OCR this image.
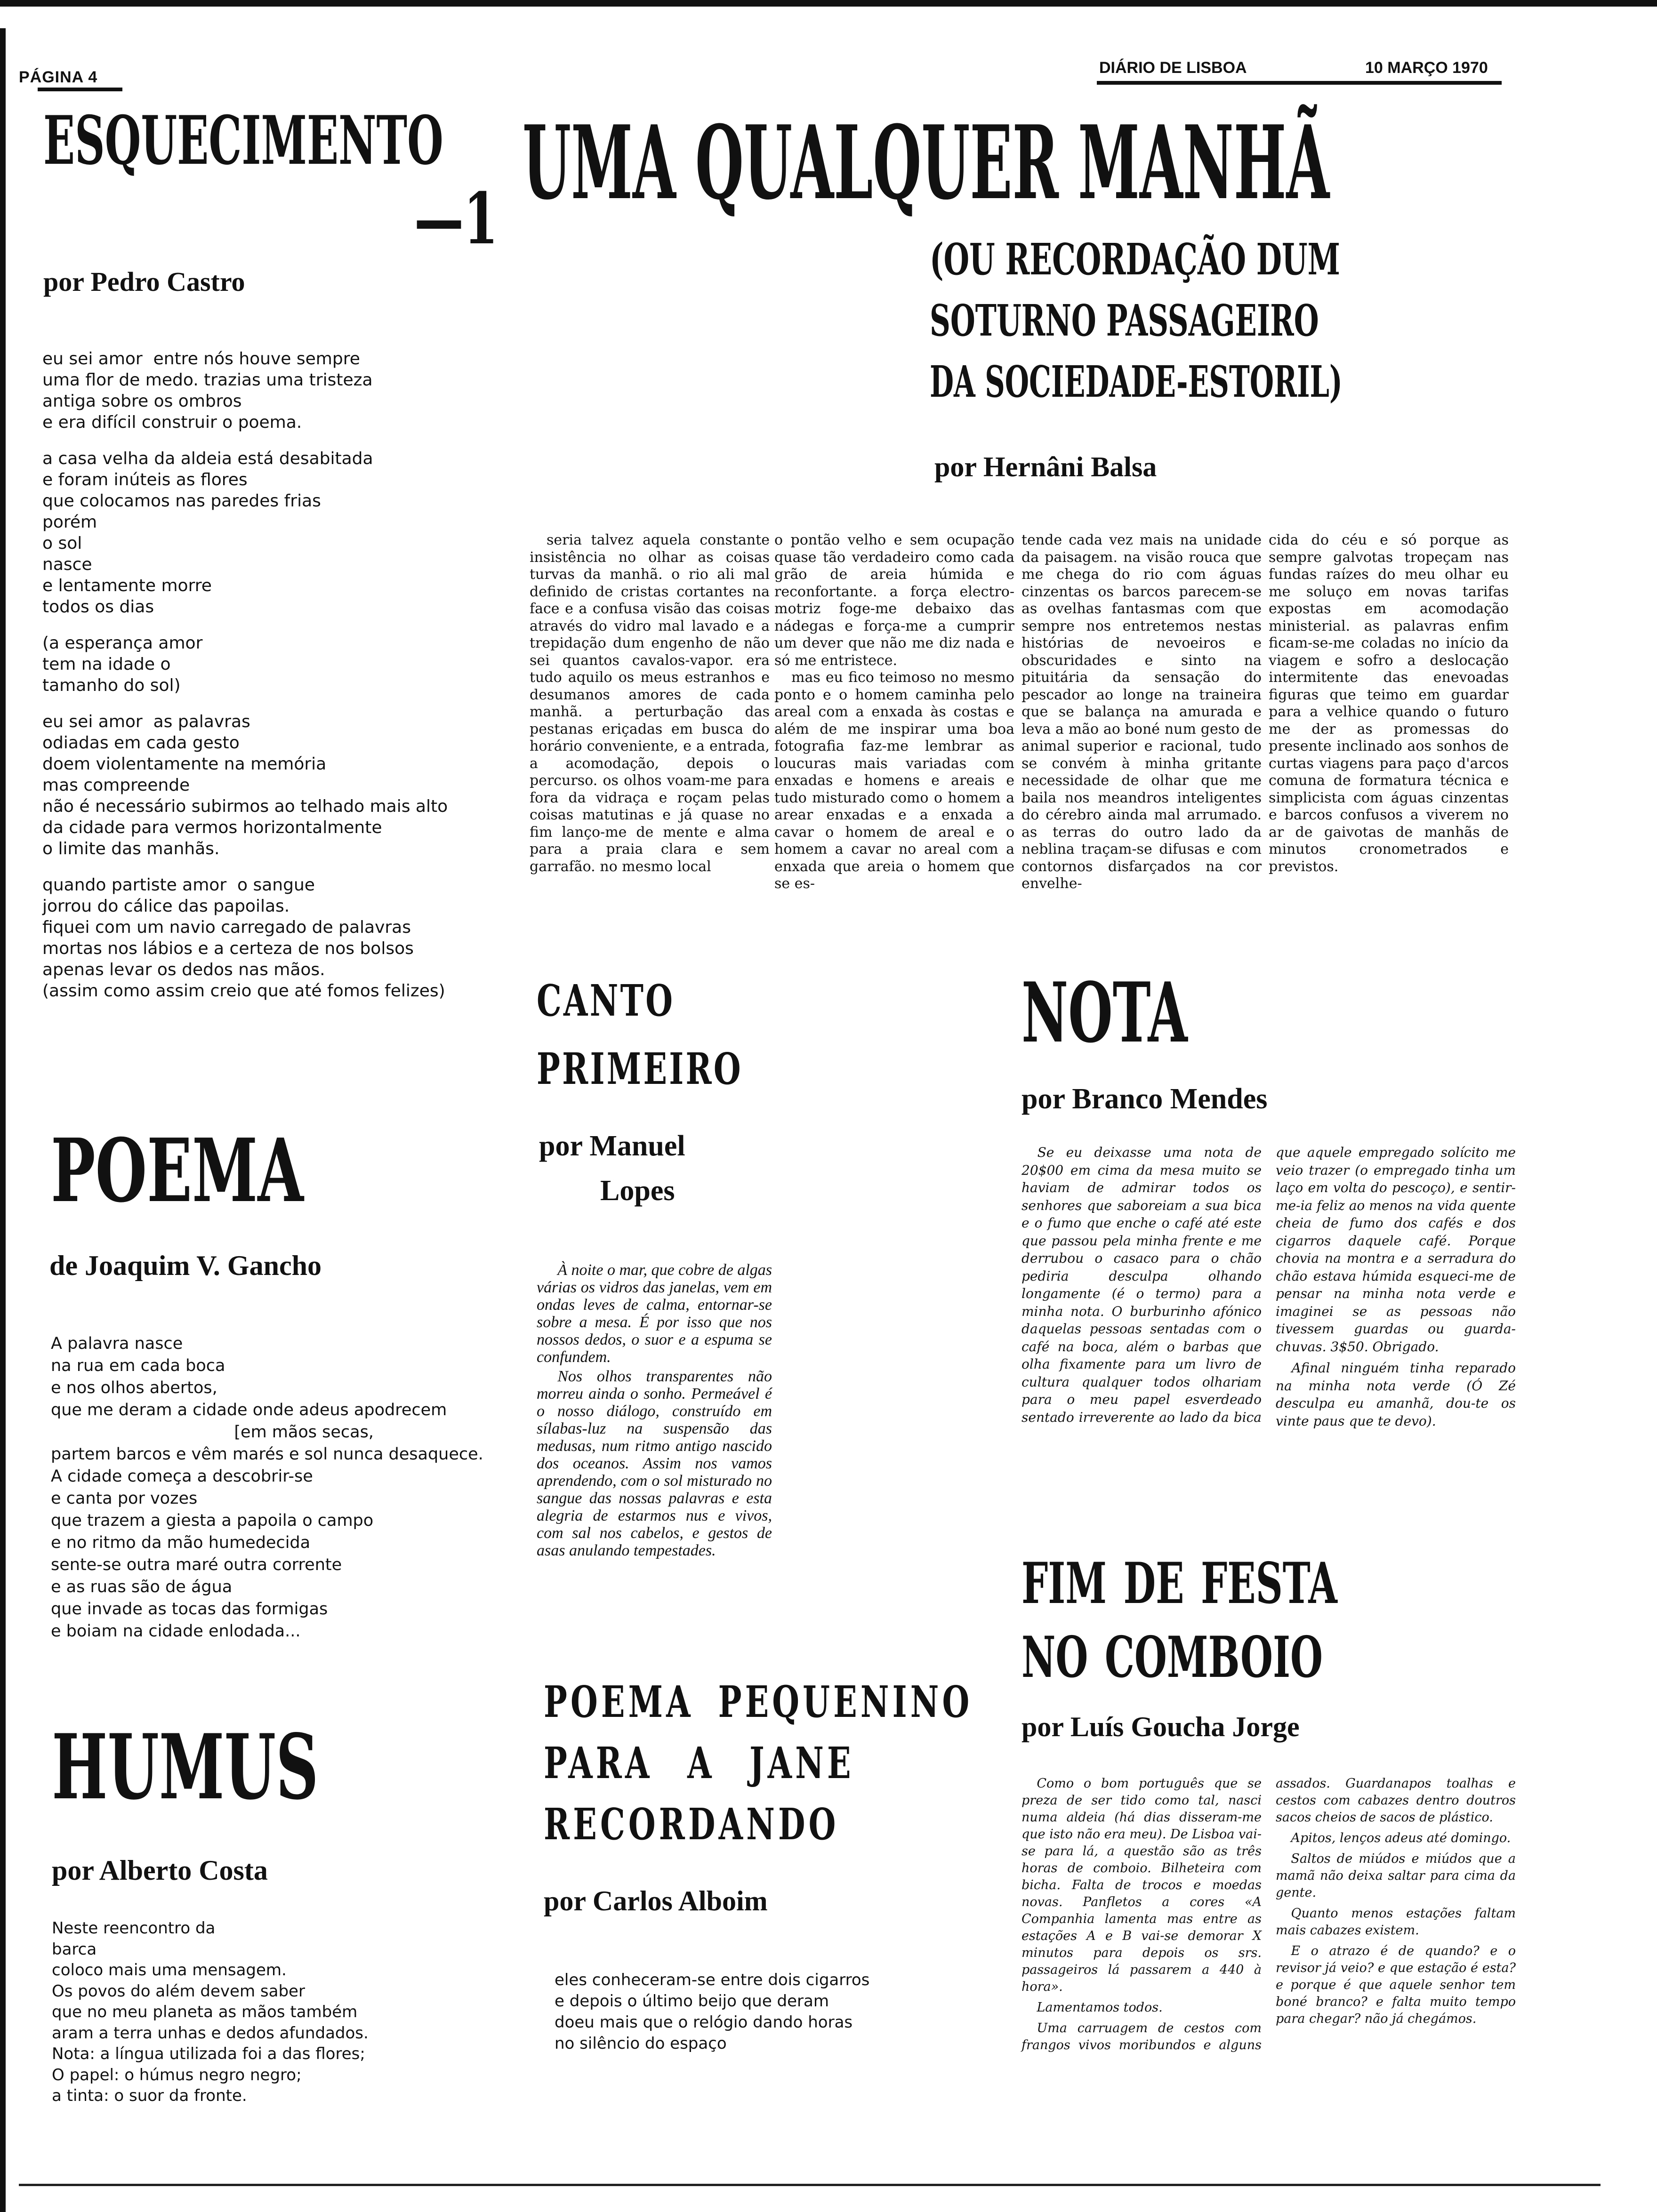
PÁGINA 4
DIÁRIO DE LISBOA	10 MARÇO 1970
ESQUECIMENTO
—1
por Pedro Castro
eu sei amor  entre nós houve sempre
uma flor de medo. trazias uma tristeza
antiga sobre os ombros
e era difícil construir o poema.
a casa velha da aldeia está desabitada
e foram inúteis as flores
que colocamos nas paredes frias
porém
o sol
nasce
e lentamente morre
todos os dias
(a esperança amor
tem na idade o
tamanho do sol)
eu sei amor  as palavras
odiadas em cada gesto
doem violentamente na memória
mas compreende
não é necessário subirmos ao telhado mais alto
da cidade para vermos horizontalmente
o limite das manhãs.
quando partiste amor  o sangue
jorrou do cálice das papoilas.
fiquei com um navio carregado de palavras
mortas nos lábios e a certeza de nos bolsos
apenas levar os dedos nas mãos.
(assim como assim creio que até fomos felizes)
UMA QUALQUER MANHÃ
(OU RECORDAÇÃO DUM
SOTURNO PASSAGEIRO
DA SOCIEDADE-ESTORIL)
por Hernâni Balsa

seria talvez aquela constante insistência no olhar as coisas turvas da manhã. o rio ali mal definido de cristas cortantes na face e a confusa visão das coisas através do vidro mal lavado e a trepidação dum engenho de não sei quantos cavalos-vapor. era tudo aquilo os meus estranhos e desumanos amores de cada manhã. a perturbação das pestanas eriçadas em busca do horário conveniente, e a entrada, a acomodação, depois o percurso. os olhos voam-me para fora da vidraça e roçam pelas coisas matutinas e já quase no fim lanço-me de mente e alma para a praia clara e sem garrafão. no mesmo local

o pontão velho e sem ocupação quase tão verdadeiro como cada grão de areia húmida e reconfortante. a força electro-motriz foge-me debaixo das nádegas e força-me a cumprir um dever que não me diz nada e só me entristece.

mas eu fico teimoso no mesmo ponto e o homem caminha pelo areal com a enxada às costas e além de me inspirar uma boa fotografia faz-me lembrar as loucuras mais variadas com enxadas e homens e areais e tudo misturado como o homem a arear enxadas e a enxada a cavar o homem de areal e o homem a cavar no areal com a enxada que areia o homem que se es-

tende cada vez mais na unidade da paisagem. na visão rouca que me chega do rio com águas cinzentas os barcos parecem-se as ovelhas fantasmas com que sempre nos entretemos nestas histórias de nevoeiros e obscuridades e sinto na pituitária da sensação do pescador ao longe na traineira que se balança na amurada e leva a mão ao boné num gesto de animal superior e racional, tudo se convém à minha gritante necessidade de olhar que me baila nos meandros inteligentes do cérebro ainda mal arrumado. as terras do outro lado da neblina traçam-se difusas e com contornos disfarçados na cor envelhe-

cida do céu e só porque as sempre galvotas tropeçam nas fundas raízes do meu olhar eu me soluço em novas tarifas expostas em acomodação ministerial. as palavras enfim ficam-se-me coladas no início da viagem e sofro a deslocação intermitente das enevoadas figuras que teimo em guardar para a velhice quando o futuro me der as promessas do presente inclinado aos sonhos de curtas viagens para paço d'arcos comuna de formatura técnica e simplicista com águas cinzentas e barcos confusos a viverem no ar de gaivotas de manhãs de minutos cronometrados e previstos.

POEMA
de Joaquim V. Gancho
A palavra nasce
na rua em cada boca
e nos olhos abertos,
que me deram a cidade onde adeus apodrecem
[em mãos secas,
partem barcos e vêm marés e sol nunca desaquece.
A cidade começa a descobrir-se
e canta por vozes
que trazem a giesta a papoila o campo
e no ritmo da mão humedecida
sente-se outra maré outra corrente
e as ruas são de água
que invade as tocas das formigas
e boiam na cidade enlodada...
CANTO
PRIMEIRO
por Manuel
Lopes

À noite o mar, que cobre de algas várias os vidros das janelas, vem em ondas leves de calma, entornar-se sobre a mesa. É por isso que nos nossos dedos, o suor e a espuma se confundem.

Nos olhos transparentes não morreu ainda o sonho. Permeável é o nosso diálogo, construído em sílabas-luz na suspensão das medusas, num ritmo antigo nascido dos oceanos. Assim nos vamos aprendendo, com o sol misturado no sangue das nossas palavras e esta alegria de estarmos nus e vivos, com sal nos cabelos, e gestos de asas anulando tempestades.

NOTA
por Branco Mendes

Se eu deixasse uma nota de 20$00 em cima da mesa muito se haviam de admirar todos os senhores que saboreiam a sua bica e o fumo que enche o café até este que passou pela minha frente e me derrubou o casaco para o chão pediria desculpa olhando longamente (é o termo) para a minha nota. O burburinho afónico daquelas pessoas sentadas com o café na boca, além o barbas que olha fixamente para um livro de cultura qualquer todos olhariam para o meu papel esverdeado sentado irreverente ao lado da bica que aquele empregado solícito me veio trazer (o empregado tinha um laço em volta do pescoço), e sentir-me-ia feliz ao menos na vida quente cheia de fumo dos cafés e dos cigarros daquele café. Porque chovia na montra e a serradura do chão estava húmida esqueci-me de pensar na minha nota verde e imaginei se as pessoas não tivessem guardas ou guarda-chuvas. 3$50. Obrigado.

Afinal ninguém tinha reparado na minha nota verde (Ó Zé desculpa eu amanhã, dou-te os vinte paus que te devo).

FIM DE FESTA
NO COMBOIO
por Luís Goucha Jorge

Como o bom português que se preza de ser tido como tal, nasci numa aldeia (há dias disseram-me que isto não era meu). De Lisboa vai-se para lá, a questão são as três horas de comboio. Bilheteira com bicha. Falta de trocos e moedas novas. Panfletos a cores «A Companhia lamenta mas entre as estações A e B vai-se demorar X minutos para depois os srs. passageiros lá passarem a 440 à hora».

Lamentamos todos.

Uma carruagem de cestos com frangos vivos moribundos e alguns assados. Guardanapos toalhas e cestos com cabazes dentro doutros sacos cheios de sacos de plástico.

Apitos, lenços adeus até domingo.

Saltos de miúdos e miúdos que a mamã não deixa saltar para cima da gente.

Quanto menos estações faltam mais cabazes existem.

E o atrazo é de quando? e o revisor já veio? e que estação é esta? e porque é que aquele senhor tem boné branco? e falta muito tempo para chegar? não já chegámos.

HUMUS
por Alberto Costa
Neste reencontro da
barca
coloco mais uma mensagem.
Os povos do além devem saber
que no meu planeta as mãos também
aram a terra unhas e dedos afundados.
Nota: a língua utilizada foi a das flores;
O papel: o húmus negro negro;
a tinta: o suor da fronte.
POEMA PEQUENINO
PARA A JANE
RECORDANDO
por Carlos Alboim
eles conheceram-se entre dois cigarros
e depois o último beijo que deram
doeu mais que o relógio dando horas
no silêncio do espaço
